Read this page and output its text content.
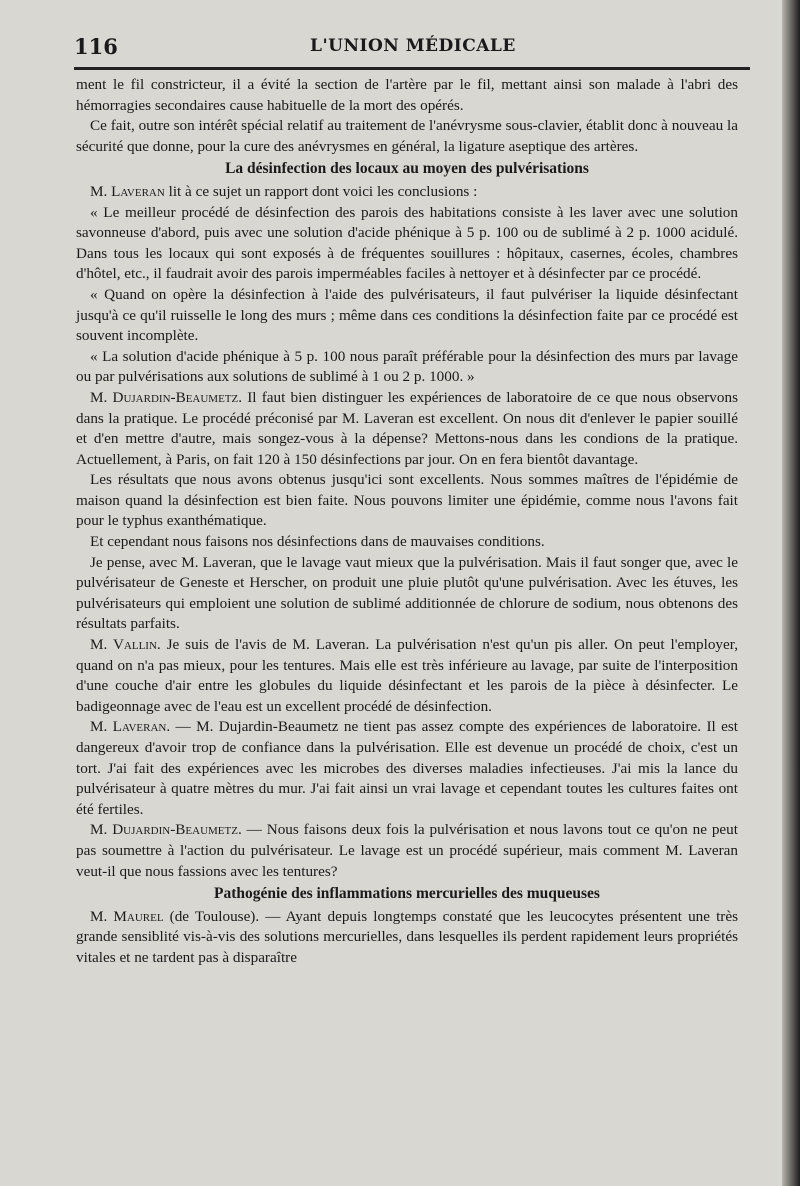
116	L'UNION MÉDICALE

ment le fil constricteur, il a évité la section de l'artère par le fil, mettant ainsi son malade à l'abri des hémorragies secondaires cause habituelle de la mort des opérés.

Ce fait, outre son intérêt spécial relatif au traitement de l'anévrysme sous-clavier, établit donc à nouveau la sécurité que donne, pour la cure des anévrysmes en général, la ligature aseptique des artères.

La désinfection des locaux au moyen des pulvérisations

M. Laveran lit à ce sujet un rapport dont voici les conclusions :

« Le meilleur procédé de désinfection des parois des habitations consiste à les laver avec une solution savonneuse d'abord, puis avec une solution d'acide phénique à 5 p. 100 ou de sublimé à 2 p. 1000 acidulé. Dans tous les locaux qui sont exposés à de fréquentes souillures : hôpitaux, casernes, écoles, chambres d'hôtel, etc., il faudrait avoir des parois imperméables faciles à nettoyer et à désinfecter par ce procédé.

« Quand on opère la désinfection à l'aide des pulvérisateurs, il faut pulvériser la liquide désinfectant jusqu'à ce qu'il ruisselle le long des murs ; même dans ces conditions la désinfection faite par ce procédé est souvent incomplète.

« La solution d'acide phénique à 5 p. 100 nous paraît préférable pour la désinfection des murs par lavage ou par pulvérisations aux solutions de sublimé à 1 ou 2 p. 1000. »

M. Dujardin-Beaumetz. Il faut bien distinguer les expériences de laboratoire de ce que nous observons dans la pratique. Le procédé préconisé par M. Laveran est excellent. On nous dit d'enlever le papier souillé et d'en mettre d'autre, mais songez-vous à la dépense? Mettons-nous dans les condions de la pratique. Actuellement, à Paris, on fait 120 à 150 désinfections par jour. On en fera bientôt davantage.

Les résultats que nous avons obtenus jusqu'ici sont excellents. Nous sommes maîtres de l'épidémie de maison quand la désinfection est bien faite. Nous pouvons limiter une épidémie, comme nous l'avons fait pour le typhus exanthématique.

Et cependant nous faisons nos désinfections dans de mauvaises conditions.

Je pense, avec M. Laveran, que le lavage vaut mieux que la pulvérisation. Mais il faut songer que, avec le pulvérisateur de Geneste et Herscher, on produit une pluie plutôt qu'une pulvérisation. Avec les étuves, les pulvérisateurs qui emploient une solution de sublimé additionnée de chlorure de sodium, nous obtenons des résultats parfaits.

M. Vallin. Je suis de l'avis de M. Laveran. La pulvérisation n'est qu'un pis aller. On peut l'employer, quand on n'a pas mieux, pour les tentures. Mais elle est très inférieure au lavage, par suite de l'interposition d'une couche d'air entre les globules du liquide désinfectant et les parois de la pièce à désinfecter. Le badigeonnage avec de l'eau est un excellent procédé de désinfection.

M. Laveran. — M. Dujardin-Beaumetz ne tient pas assez compte des expériences de laboratoire. Il est dangereux d'avoir trop de confiance dans la pulvérisation. Elle est devenue un procédé de choix, c'est un tort. J'ai fait des expériences avec les microbes des diverses maladies infectieuses. J'ai mis la lance du pulvérisateur à quatre mètres du mur. J'ai fait ainsi un vrai lavage et cependant toutes les cultures faites ont été fertiles.

M. Dujardin-Beaumetz. — Nous faisons deux fois la pulvérisation et nous lavons tout ce qu'on ne peut pas soumettre à l'action du pulvérisateur. Le lavage est un procédé supérieur, mais comment M. Laveran veut-il que nous fassions avec les tentures?

Pathogénie des inflammations mercurielles des muqueuses

M. Maurel (de Toulouse). — Ayant depuis longtemps constaté que les leucocytes présentent une très grande sensiblité vis-à-vis des solutions mercurielles, dans lesquelles ils perdent rapidement leurs propriétés vitales et ne tardent pas à disparaître
